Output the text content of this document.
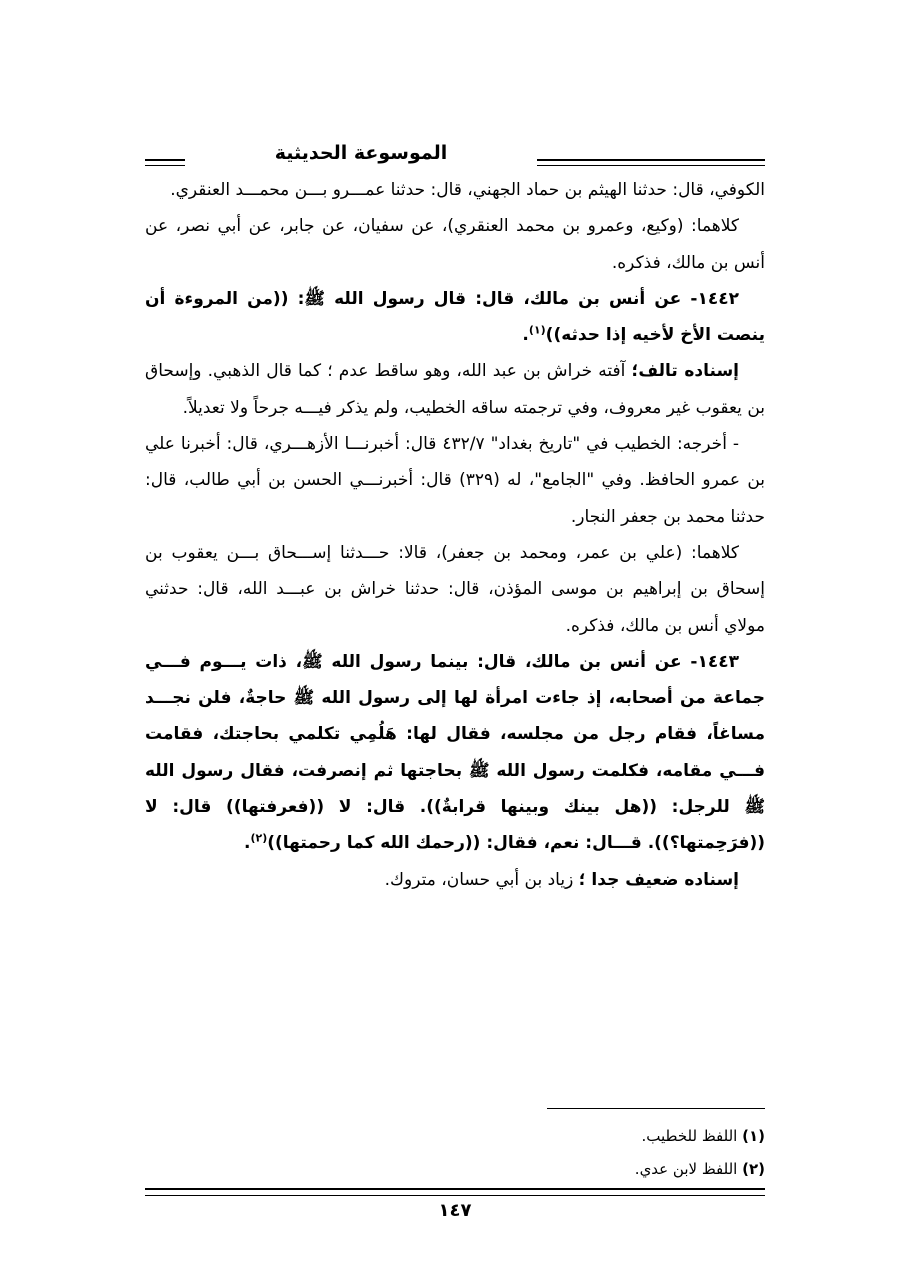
الموسوعة الحديثية

الكوفي، قال: حدثنا الهيثم بن حماد الجهني، قال: حدثنا عمـــرو بـــن محمـــد العنقري.

كلاهما: (وكيع، وعمرو بن محمد العنقري)، عن سفيان، عن جابر، عن أبي نصر، عن أنس بن مالك، فذكره.

١٤٤٢- عن أنس بن مالك، قال: قال رسول الله ﷺ: ((من المروءة أن ينصت الأخ لأخيه إذا حدثه))$^{(١)}$.

إسناده تالف؛ آفته خراش بن عبد الله، وهو ساقط عدم ؛ كما قال الذهبي. وإسحاق بن يعقوب غير معروف، وفي ترجمته ساقه الخطيب، ولم يذكر فيـــه جرحاً ولا تعديلاً.

- أخرجه: الخطيب في "تاريخ بغداد" ٤٣٢/٧ قال: أخبرنـــا الأزهـــري، قال: أخبرنا علي بن عمرو الحافظ. وفي "الجامع"، له (٣٢٩) قال: أخبرنـــي الحسن بن أبي طالب، قال: حدثنا محمد بن جعفر النجار.

كلاهما: (علي بن عمر، ومحمد بن جعفر)، قالا: حـــدثنا إســـحاق بـــن يعقوب بن إسحاق بن إبراهيم بن موسى المؤذن، قال: حدثنا خراش بن عبـــد الله، قال: حدثني مولاي أنس بن مالك، فذكره.

١٤٤٣- عن أنس بن مالك، قال: بينما رسول الله ﷺ، ذات يـــوم فـــي جماعة من أصحابه، إذ جاءت امرأة لها إلى رسول الله ﷺ حاجةٌ، فلن نجـــد مساغاً، فقام رجل من مجلسه، فقال لها: هَلُمِي تكلمي بحاجتك، فقامت فـــي مقامه، فكلمت رسول الله ﷺ بحاجتها ثم إنصرفت، فقال رسول الله ﷺ للرجل: ((هل بينك وبينها قرابةٌ)). قال: لا ((فعرفتها)) قال: لا ((فرَحِمتها؟)). قـــال: نعم، فقال: ((رحمك الله كما رحمتها))$^{(٢)}$.

إسناده ضعيف جدا ؛ زياد بن أبي حسان، متروك.

(١) اللفظ للخطيب.
(٢) اللفظ لابن عدي.
١٤٧
